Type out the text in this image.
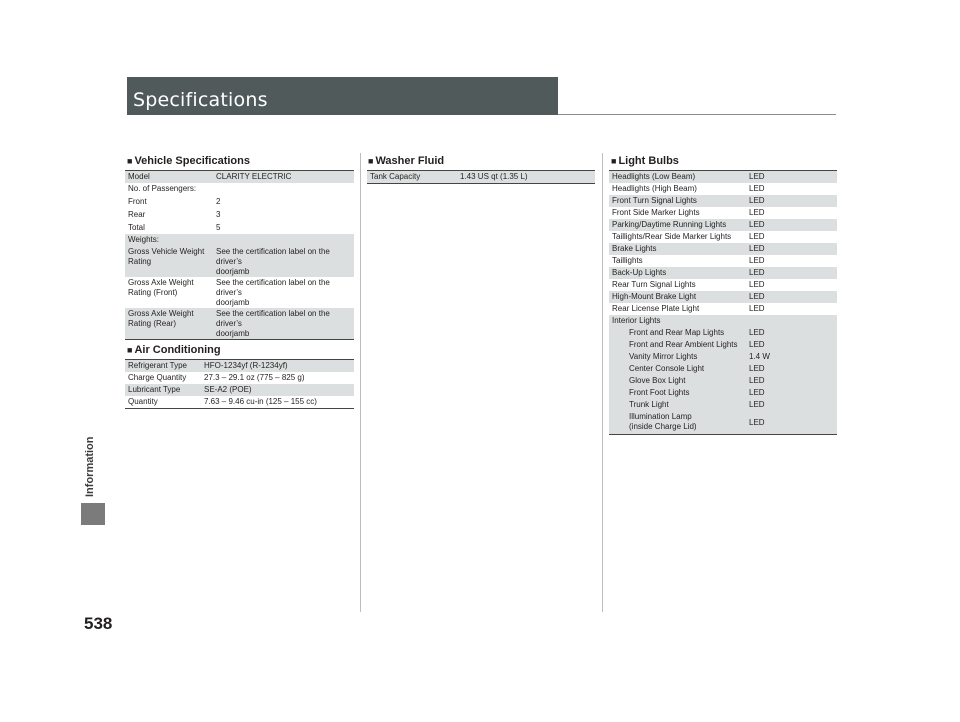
Specifications
Information
538
■ Vehicle Specifications
Model	CLARITY ELECTRIC
No. of Passengers:	
Front	2
Rear	3
Total	5
Weights:	
Gross Vehicle Weight
Rating	See the certification label on the driver’s
doorjamb
Gross Axle Weight
Rating (Front)	See the certification label on the driver’s
doorjamb
Gross Axle Weight
Rating (Rear)	See the certification label on the driver’s
doorjamb
■ Air Conditioning
Refrigerant Type	HFO-1234yf (R-1234yf)
Charge Quantity	27.3 – 29.1 oz (775 – 825 g)
Lubricant Type	SE-A2 (POE)
Quantity	7.63 – 9.46 cu-in (125 – 155 cc)
■ Washer Fluid
Tank Capacity	1.43 US qt (1.35 L)
■ Light Bulbs
Headlights (Low Beam)	LED
Headlights (High Beam)	LED
Front Turn Signal Lights	LED
Front Side Marker Lights	LED
Parking/Daytime Running Lights	LED
Taillights/Rear Side Marker Lights	LED
Brake Lights	LED
Taillights	LED
Back-Up Lights	LED
Rear Turn Signal Lights	LED
High-Mount Brake Light	LED
Rear License Plate Light	LED
Interior Lights	
Front and Rear Map Lights	LED
Front and Rear Ambient Lights	LED
Vanity Mirror Lights	1.4 W
Center Console Light	LED
Glove Box Light	LED
Front Foot Lights	LED
Trunk Light	LED
Illumination Lamp
(inside Charge Lid)	LED
